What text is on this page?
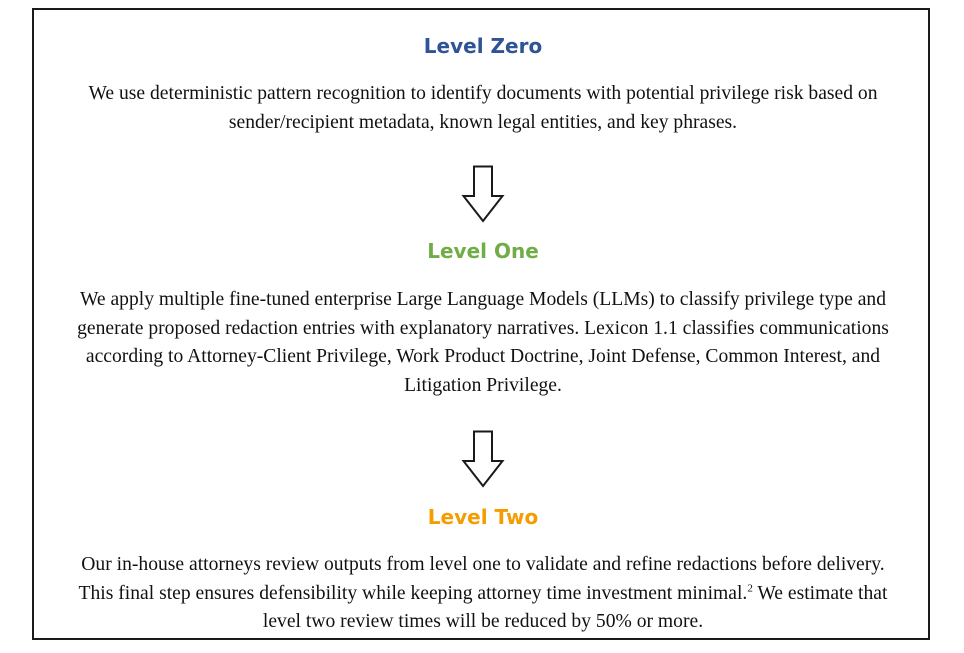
Level Zero
We use deterministic pattern recognition to identify documents with potential privilege risk based on
sender/recipient metadata, known legal entities, and key phrases.
Level One
We apply multiple fine-tuned enterprise Large Language Models (LLMs) to classify privilege type and
generate proposed redaction entries with explanatory narratives. Lexicon 1.1 classifies communications
according to Attorney-Client Privilege, Work Product Doctrine, Joint Defense, Common Interest, and
Litigation Privilege.
Level Two
Our in-house attorneys review outputs from level one to validate and refine redactions before delivery.
This final step ensures defensibility while keeping attorney time investment minimal.$^2$ We estimate that
level two review times will be reduced by 50% or more.
